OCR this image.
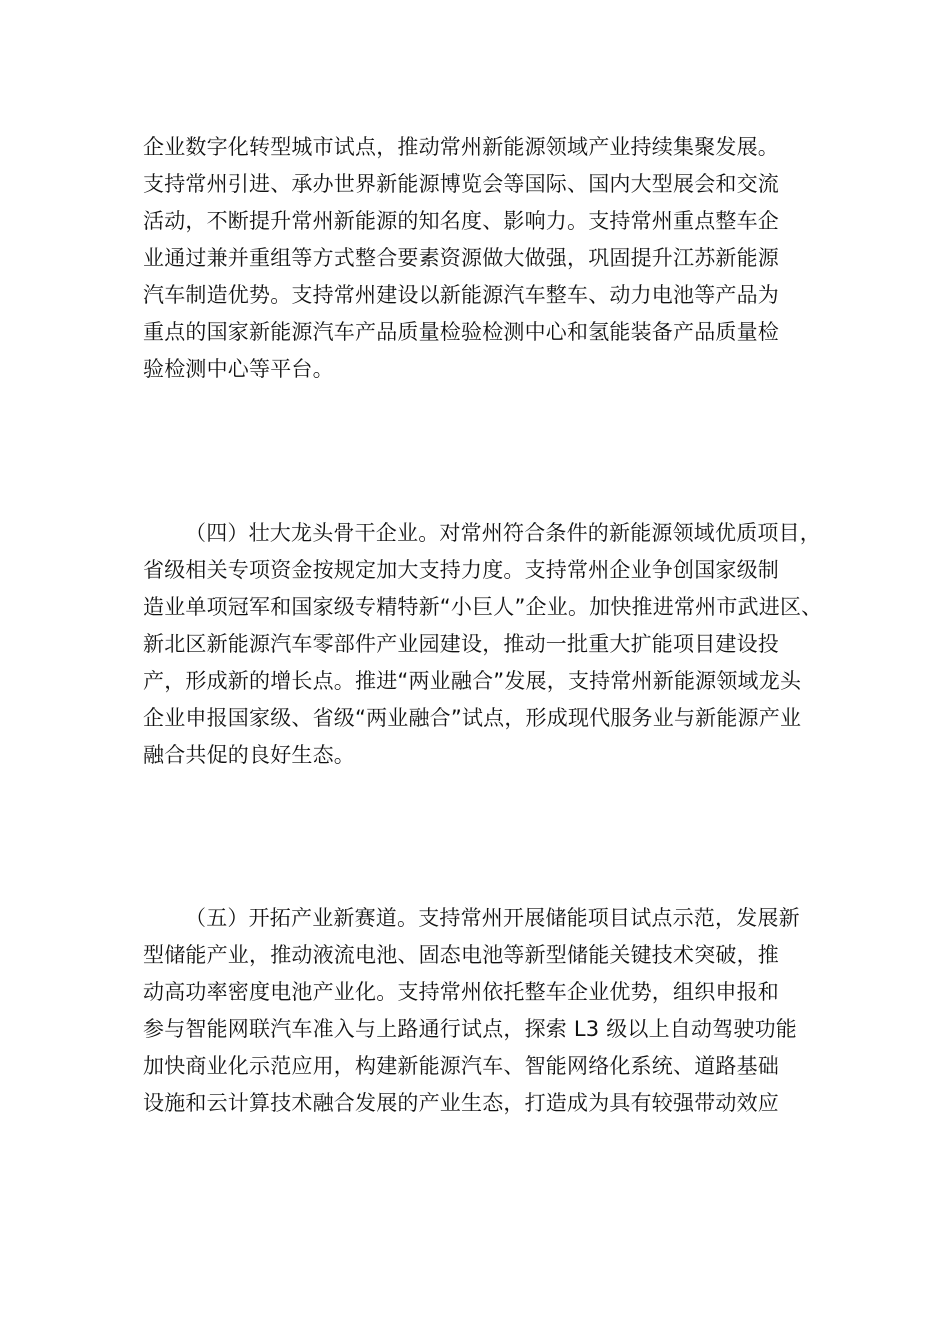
企业数字化转型城市试点，推动常州新能源领域产业持续集聚发展。
支持常州引进、承办世界新能源博览会等国际、国内大型展会和交流
活动，不断提升常州新能源的知名度、影响力。支持常州重点整车企
业通过兼并重组等方式整合要素资源做大做强，巩固提升江苏新能源
汽车制造优势。支持常州建设以新能源汽车整车、动力电池等产品为
重点的国家新能源汽车产品质量检验检测中心和氢能装备产品质量检
验检测中心等平台。
（四）壮大龙头骨干企业。对常州符合条件的新能源领域优质项目，
省级相关专项资金按规定加大支持力度。支持常州企业争创国家级制
造业单项冠军和国家级专精特新“小巨人”企业。加快推进常州市武进区、
新北区新能源汽车零部件产业园建设，推动一批重大扩能项目建设投
产，形成新的增长点。推进“两业融合”发展，支持常州新能源领域龙头
企业申报国家级、省级“两业融合”试点，形成现代服务业与新能源产业
融合共促的良好生态。
（五）开拓产业新赛道。支持常州开展储能项目试点示范，发展新
型储能产业，推动液流电池、固态电池等新型储能关键技术突破，推
动高功率密度电池产业化。支持常州依托整车企业优势，组织申报和
参与智能网联汽车准入与上路通行试点，探索 L3 级以上自动驾驶功能
加快商业化示范应用，构建新能源汽车、智能网络化系统、道路基础
设施和云计算技术融合发展的产业生态，打造成为具有较强带动效应
